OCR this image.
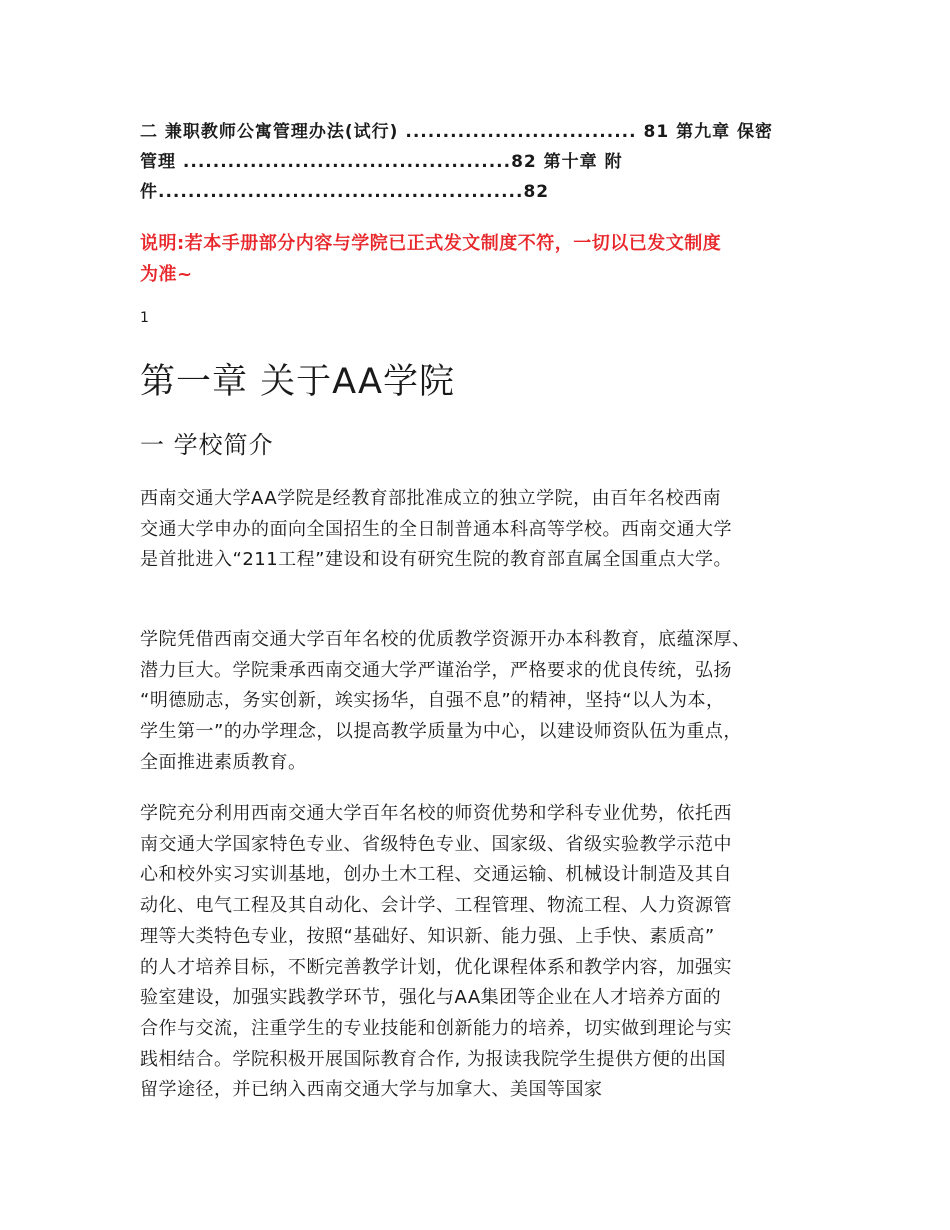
二 兼职教师公寓管理办法(试行) ............................... 81 第九章 保密
管理 ............................................82 第十章 附
件.................................................82
说明:若本手册部分内容与学院已正式发文制度不符，一切以已发文制度
为准~
1
第一章 关于AA学院
一 学校简介
西南交通大学AA学院是经教育部批准成立的独立学院，由百年名校西南
交通大学申办的面向全国招生的全日制普通本科高等学校。西南交通大学
是首批进入“211工程”建设和设有研究生院的教育部直属全国重点大学。
学院凭借西南交通大学百年名校的优质教学资源开办本科教育，底蕴深厚、
潜力巨大。学院秉承西南交通大学严谨治学，严格要求的优良传统，弘扬
“明德励志，务实创新，竢实扬华，自强不息”的精神，坚持“以人为本，
学生第一”的办学理念，以提高教学质量为中心，以建设师资队伍为重点，
全面推进素质教育。
学院充分利用西南交通大学百年名校的师资优势和学科专业优势，依托西
南交通大学国家特色专业、省级特色专业、国家级、省级实验教学示范中
心和校外实习实训基地，创办土木工程、交通运输、机械设计制造及其自
动化、电气工程及其自动化、会计学、工程管理、物流工程、人力资源管
理等大类特色专业，按照“基础好、知识新、能力强、上手快、素质高”
的人才培养目标，不断完善教学计划，优化课程体系和教学内容，加强实
验室建设，加强实践教学环节，强化与AA集团等企业在人才培养方面的
合作与交流，注重学生的专业技能和创新能力的培养，切实做到理论与实
践相结合。学院积极开展国际教育合作, 为报读我院学生提供方便的出国
留学途径，并已纳入西南交通大学与加拿大、美国等国家
